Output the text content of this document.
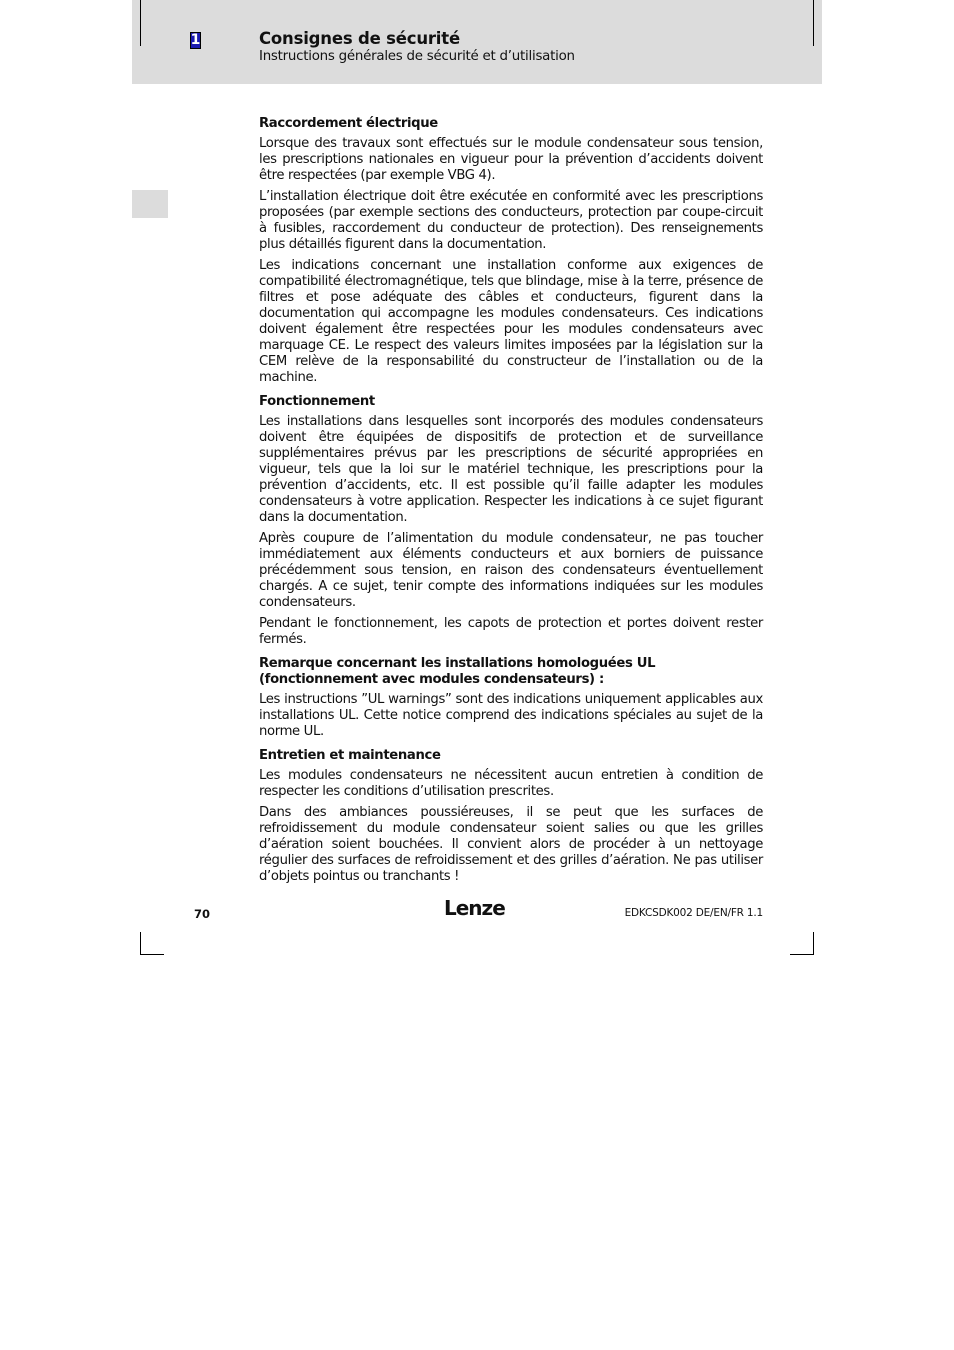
1	Consignes de sécurité

Instructions générales de sécurité et d’utilisation

Raccordement électrique

Lorsque des travaux sont effectués sur le module condensateur sous tension, les prescriptions nationales en vigueur pour la prévention d’accidents doivent être respectées (par exemple VBG 4).

L’installation électrique doit être exécutée en conformité avec les prescriptions proposées (par exemple sections des conducteurs, protection par coupe‑circuit à fusibles, raccordement du conducteur de protection). Des renseignements plus détaillés figurent dans la documentation.

Les indications concernant une installation conforme aux exigences de compatibilité électromagnétique, tels que blindage, mise à la terre, présence de filtres et pose adéquate des câbles et conducteurs, figurent dans la documentation qui accompagne les modules condensateurs. Ces indications doivent également être respectées pour les modules condensateurs avec marquage CE. Le respect des valeurs limites imposées par la législation sur la CEM relève de la responsabilité du constructeur de l’installation ou de la machine.

Fonctionnement

Les installations dans lesquelles sont incorporés des modules condensateurs doivent être équipées de dispositifs de protection et de surveillance supplémentaires prévus par les prescriptions de sécurité appropriées en vigueur, tels que la loi sur le matériel technique, les prescriptions pour la prévention d’accidents, etc. Il est possible qu’il faille adapter les modules condensateurs à votre application. Respecter les indications à ce sujet figurant dans la documentation.

Après coupure de l’alimentation du module condensateur, ne pas toucher immédiatement aux éléments conducteurs et aux borniers de puissance précédemment sous tension, en raison des condensateurs éventuellement chargés. A ce sujet, tenir compte des informations indiquées sur les modules condensateurs.

Pendant le fonctionnement, les capots de protection et portes doivent rester fermés.

Remarque concernant les installations homologuées UL (fonctionnement avec modules condensateurs) :

Les instructions ”UL warnings” sont des indications uniquement applicables aux installations UL. Cette notice comprend des indications spéciales au sujet de la norme UL.

Entretien et maintenance

Les modules condensateurs ne nécessitent aucun entretien à condition de respecter les conditions d’utilisation prescrites.

Dans des ambiances poussiéreuses, il se peut que les surfaces de refroidissement du module condensateur soient salies ou que les grilles d’aération soient bouchées. Il convient alors de procéder à un nettoyage régulier des surfaces de refroidissement et des grilles d’aération. Ne pas utiliser d’objets pointus ou tranchants !

70	Lenze	EDKCSDK002 DE/EN/FR 1.1
